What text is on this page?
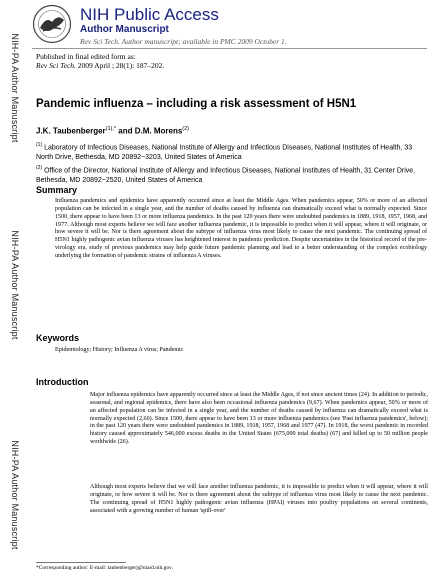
NIH-PA Author Manuscript
NIH-PA Author Manuscript
NIH-PA Author Manuscript
NIH Public Access
Author Manuscript
Rev Sci Tech. Author manuscript; available in PMC 2009 October 1.
Published in final edited form as:
Rev Sci Tech. 2009 April ; 28(1): 187–202.
Pandemic influenza – including a risk assessment of H5N1
J.K. Taubenberger$^{(1),*}$ and D.M. Morens$^{(2)}$
$^{(1)}$ Laboratory of Infectious Diseases, National Institute of Allergy and Infectious Diseases, National Institutes of Health, 33 North Drive, Bethesda, MD 20892−3203, United States of America
$^{(2)}$ Office of the Director, National Institute of Allergy and Infectious Diseases, National Institutes of Health, 31 Center Drive, Bethesda, MD 20892−2520, United States of America
Summary
Influenza pandemics and epidemics have apparently occurred since at least the Middle Ages. When pandemics appear, 50% or more of an affected population can be infected in a single year, and the number of deaths caused by influenza can dramatically exceed what is normally expected. Since 1500, there appear to have been 13 or more influenza pandemics. In the past 120 years there were undoubted pandemics in 1889, 1918, 1957, 1968, and 1977. Although most experts believe we will face another influenza pandemic, it is impossible to predict when it will appear, where it will originate, or how severe it will be. Nor is there agreement about the subtype of influenza virus most likely to cause the next pandemic. The continuing spread of H5N1 highly pathogenic avian influenza viruses has heightened interest in pandemic prediction. Despite uncertainties in the historical record of the pre-virology era, study of previous pandemics may help guide future pandemic planning and lead to a better understanding of the complex ecobiology underlying the formation of pandemic strains of influenza A viruses.
Keywords
Epidemiology; History; Influenza A virus; Pandemic
Introduction
Major influenza epidemics have apparently occurred since at least the Middle Ages, if not since ancient times (24). In addition to periodic, seasonal, and regional epidemics, there have also been occasional influenza pandemics (9,67). When pandemics appear, 50% or more of an affected population can be infected in a single year, and the number of deaths caused by influenza can dramatically exceed what is normally expected (2,60). Since 1500, there appear to have been 13 or more influenza pandemics (see 'Past influenza pandemics', below); in the past 120 years there were undoubted pandemics in 1889, 1918, 1957, 1968 and 1977 (47). In 1918, the worst pandemic in recorded history caused approximately 546,000 excess deaths in the United States (675,000 total deaths) (67) and killed up to 50 million people worldwide (26).
Although most experts believe that we will face another influenza pandemic, it is impossible to predict when it will appear, where it will originate, or how severe it will be. Nor is there agreement about the subtype of influenza virus most likely to cause the next pandemic. The continuing spread of H5N1 highly pathogenic avian influenza (HPAI) viruses into poultry populations on several continents, associated with a growing number of human 'spill-over'
*Corresponding author: E-mail: taubenbergerj@niaid.nih.gov.
